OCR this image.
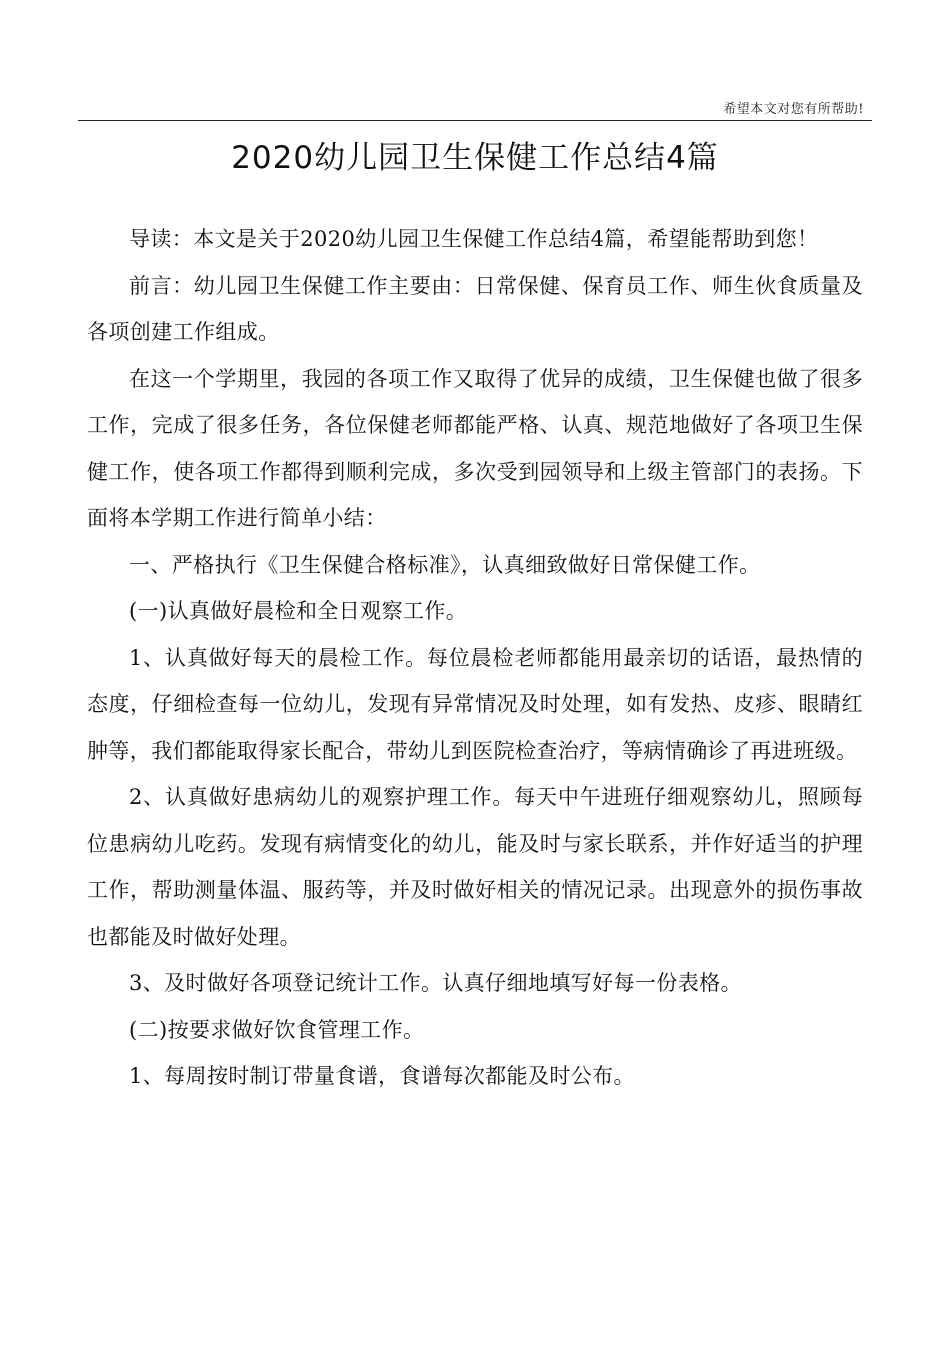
希望本文对您有所帮助!
2020幼儿园卫生保健工作总结4篇

导读：本文是关于2020幼儿园卫生保健工作总结4篇，希望能帮助到您！

前言：幼儿园卫生保健工作主要由：日常保健、保育员工作、师生伙食质量及各项创建工作组成。

在这一个学期里，我园的各项工作又取得了优异的成绩，卫生保健也做了很多工作，完成了很多任务，各位保健老师都能严格、认真、规范地做好了各项卫生保健工作，使各项工作都得到顺利完成，多次受到园领导和上级主管部门的表扬。下面将本学期工作进行简单小结：

一、严格执行《卫生保健合格标准》，认真细致做好日常保健工作。

(一)认真做好晨检和全日观察工作。

1、认真做好每天的晨检工作。每位晨检老师都能用最亲切的话语，最热情的态度，仔细检查每一位幼儿，发现有异常情况及时处理，如有发热、皮疹、眼睛红肿等，我们都能取得家长配合，带幼儿到医院检查治疗，等病情确诊了再进班级。

2、认真做好患病幼儿的观察护理工作。每天中午进班仔细观察幼儿，照顾每位患病幼儿吃药。发现有病情变化的幼儿，能及时与家长联系，并作好适当的护理工作，帮助测量体温、服药等，并及时做好相关的情况记录。出现意外的损伤事故也都能及时做好处理。

3、及时做好各项登记统计工作。认真仔细地填写好每一份表格。

(二)按要求做好饮食管理工作。

1、每周按时制订带量食谱，食谱每次都能及时公布。
